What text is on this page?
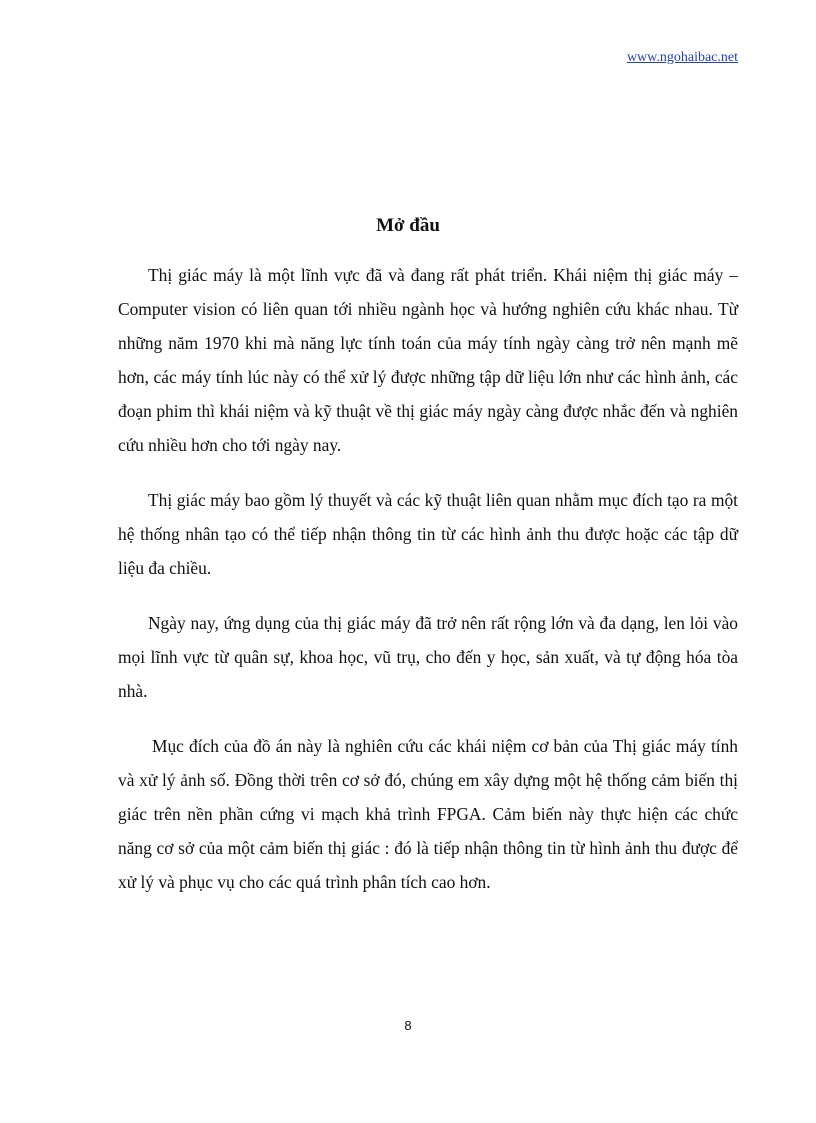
www.ngohaibac.net
Mở đầu

Thị giác máy là một lĩnh vực đã và đang rất phát triển. Khái niệm thị giác máy – Computer vision có liên quan tới nhiều ngành học và hướng nghiên cứu khác nhau. Từ những năm 1970 khi mà năng lực tính toán của máy tính ngày càng trở nên mạnh mẽ hơn, các máy tính lúc này có thể xử lý được những tập dữ liệu lớn như các hình ảnh, các đoạn phim thì khái niệm và kỹ thuật về thị giác máy ngày càng được nhắc đến và nghiên cứu nhiều hơn cho tới ngày nay.

Thị giác máy bao gồm lý thuyết và các kỹ thuật liên quan nhằm mục đích tạo ra một hệ thống nhân tạo có thể tiếp nhận thông tin từ các hình ảnh thu được hoặc các tập dữ liệu đa chiều.

Ngày nay, ứng dụng của thị giác máy đã trở nên rất rộng lớn và đa dạng, len lỏi vào mọi lĩnh vực từ quân sự, khoa học, vũ trụ, cho đến y học, sản xuất, và tự động hóa tòa nhà.

Mục đích của đồ án này là nghiên cứu các khái niệm cơ bản của Thị giác máy tính và xử lý ảnh số. Đồng thời trên cơ sở đó, chúng em xây dựng một hệ thống cảm biến thị giác trên nền phần cứng vi mạch khả trình FPGA. Cảm biến này thực hiện các chức năng cơ sở của một cảm biến thị giác : đó là tiếp nhận thông tin từ hình ảnh thu được để xử lý và phục vụ cho các quá trình phân tích cao hơn.

8
